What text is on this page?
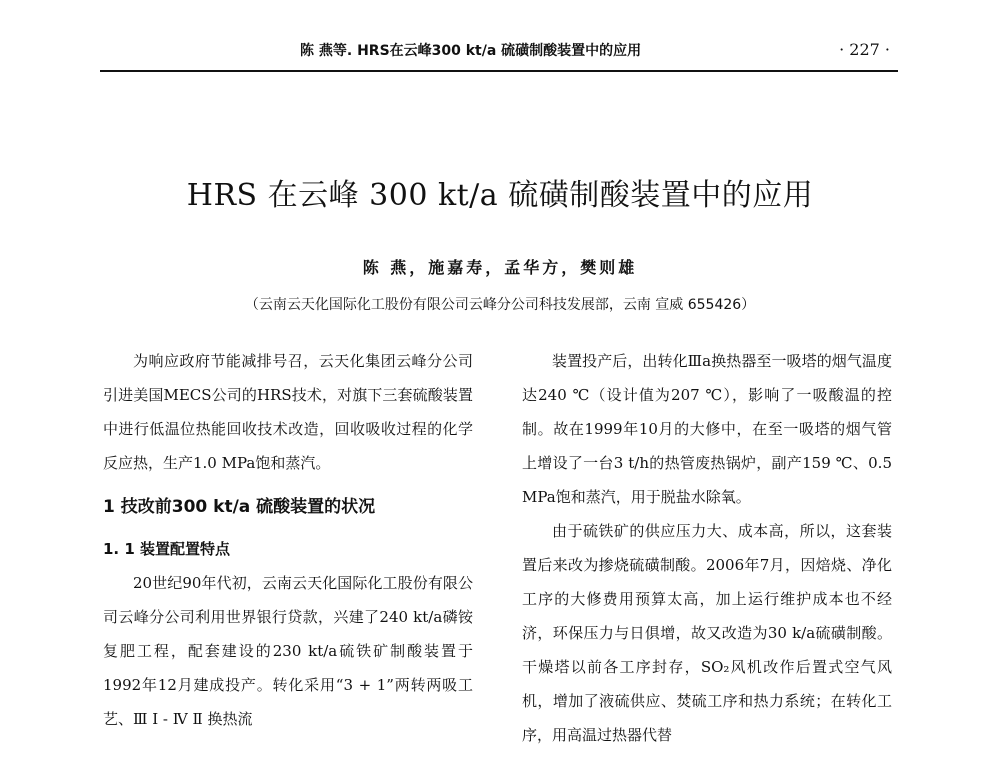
陈 燕等. HRS在云峰300 kt/a 硫磺制酸装置中的应用	· 227 ·
HRS 在云峰 300 kt/a 硫磺制酸装置中的应用
陈 燕，施嘉寿，孟华方，樊则雄
（云南云天化国际化工股份有限公司云峰分公司科技发展部，云南 宣威 655426）

为响应政府节能减排号召，云天化集团云峰分公司引进美国MECS公司的HRS技术，对旗下三套硫酸装置中进行低温位热能回收技术改造，回收吸收过程的化学反应热，生产1.0 MPa饱和蒸汽。

1 技改前300 kt/a 硫酸装置的状况
1. 1 装置配置特点

20世纪90年代初，云南云天化国际化工股份有限公司云峰分公司利用世界银行贷款，兴建了240 kt/a磷铵复肥工程，配套建设的230 kt/a硫铁矿制酸装置于1992年12月建成投产。转化采用“3 + 1”两转两吸工艺、Ⅲ Ⅰ - Ⅳ Ⅱ 换热流

装置投产后，出转化Ⅲa换热器至一吸塔的烟气温度达240 ℃（设计值为207 ℃），影响了一吸酸温的控制。故在1999年10月的大修中，在至一吸塔的烟气管上增设了一台3 t/h的热管废热锅炉，副产159 ℃、0.5 MPa饱和蒸汽，用于脱盐水除氧。

由于硫铁矿的供应压力大、成本高，所以，这套装置后来改为掺烧硫磺制酸。2006年7月，因焙烧、净化工序的大修费用预算太高，加上运行维护成本也不经济，环保压力与日俱增，故又改造为30 k/a硫磺制酸。干燥塔以前各工序封存，SO₂风机改作后置式空气风机，增加了液硫供应、焚硫工序和热力系统；在转化工序，用高温过热器代替
